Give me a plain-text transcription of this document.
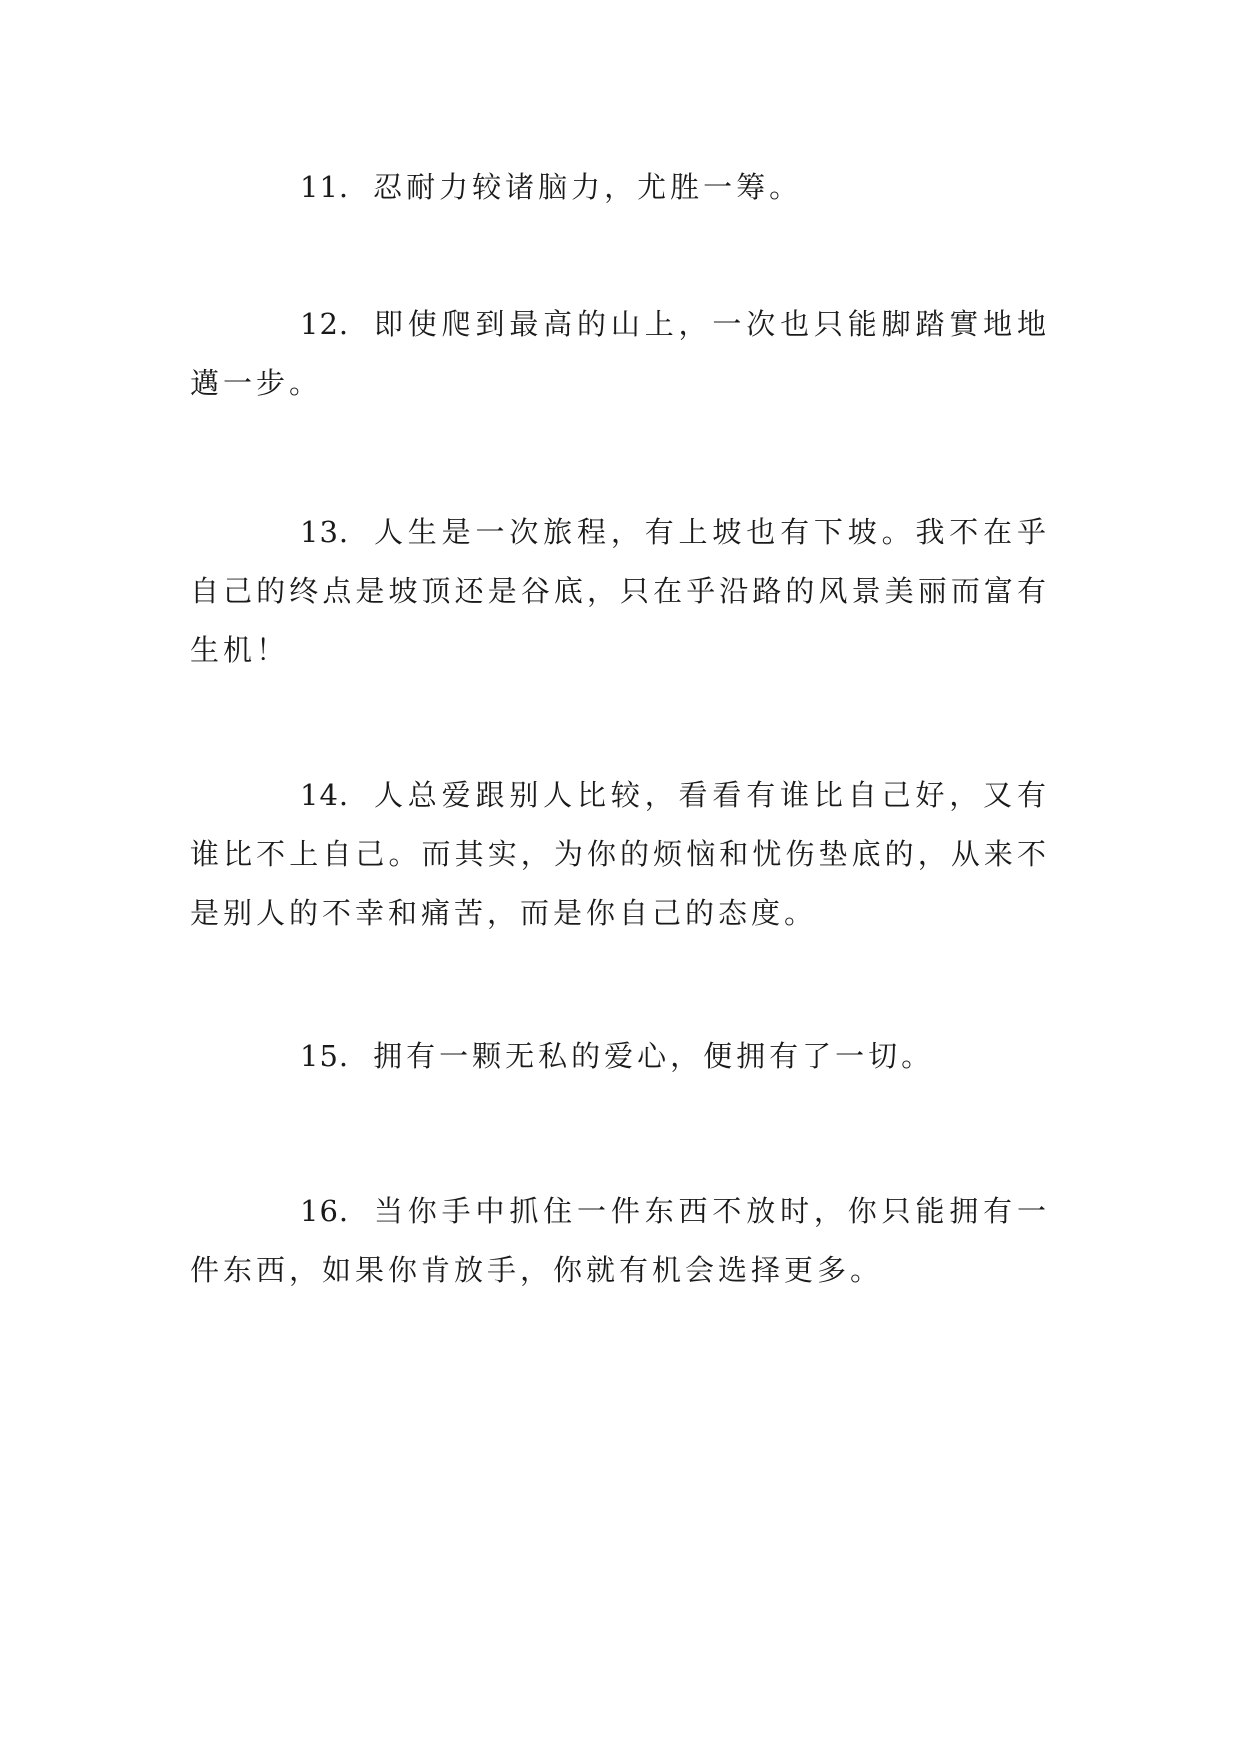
11. 忍耐力较诸脑力，尤胜一筹。

12. 即使爬到最高的山上，一次也只能脚踏實地地邁一步。

13. 人生是一次旅程，有上坡也有下坡。我不在乎自己的终点是坡顶还是谷底，只在乎沿路的风景美丽而富有生机！

14. 人总爱跟别人比较，看看有谁比自己好，又有谁比不上自己。而其实，为你的烦恼和忧伤垫底的，从来不是别人的不幸和痛苦，而是你自己的态度。

15. 拥有一颗无私的爱心，便拥有了一切。

16. 当你手中抓住一件东西不放时，你只能拥有一件东西，如果你肯放手，你就有机会选择更多。
